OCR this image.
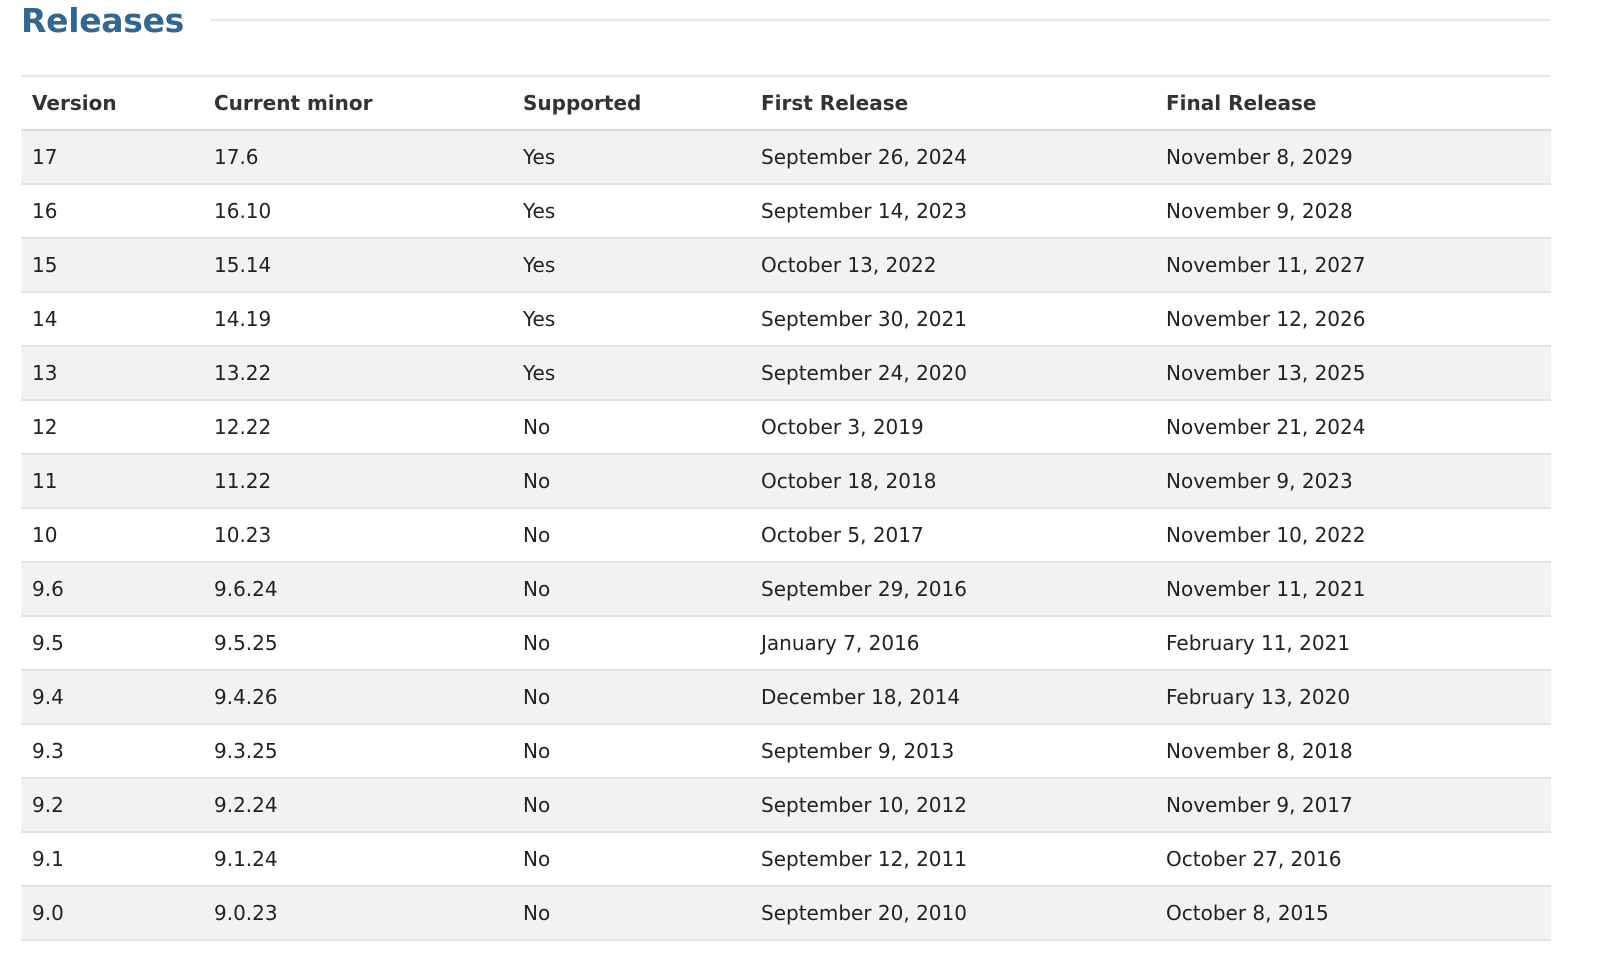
Releases
Version	Current minor	Supported	First Release	Final Release
17	17.6	Yes	September 26, 2024	November 8, 2029
16	16.10	Yes	September 14, 2023	November 9, 2028
15	15.14	Yes	October 13, 2022	November 11, 2027
14	14.19	Yes	September 30, 2021	November 12, 2026
13	13.22	Yes	September 24, 2020	November 13, 2025
12	12.22	No	October 3, 2019	November 21, 2024
11	11.22	No	October 18, 2018	November 9, 2023
10	10.23	No	October 5, 2017	November 10, 2022
9.6	9.6.24	No	September 29, 2016	November 11, 2021
9.5	9.5.25	No	January 7, 2016	February 11, 2021
9.4	9.4.26	No	December 18, 2014	February 13, 2020
9.3	9.3.25	No	September 9, 2013	November 8, 2018
9.2	9.2.24	No	September 10, 2012	November 9, 2017
9.1	9.1.24	No	September 12, 2011	October 27, 2016
9.0	9.0.23	No	September 20, 2010	October 8, 2015
